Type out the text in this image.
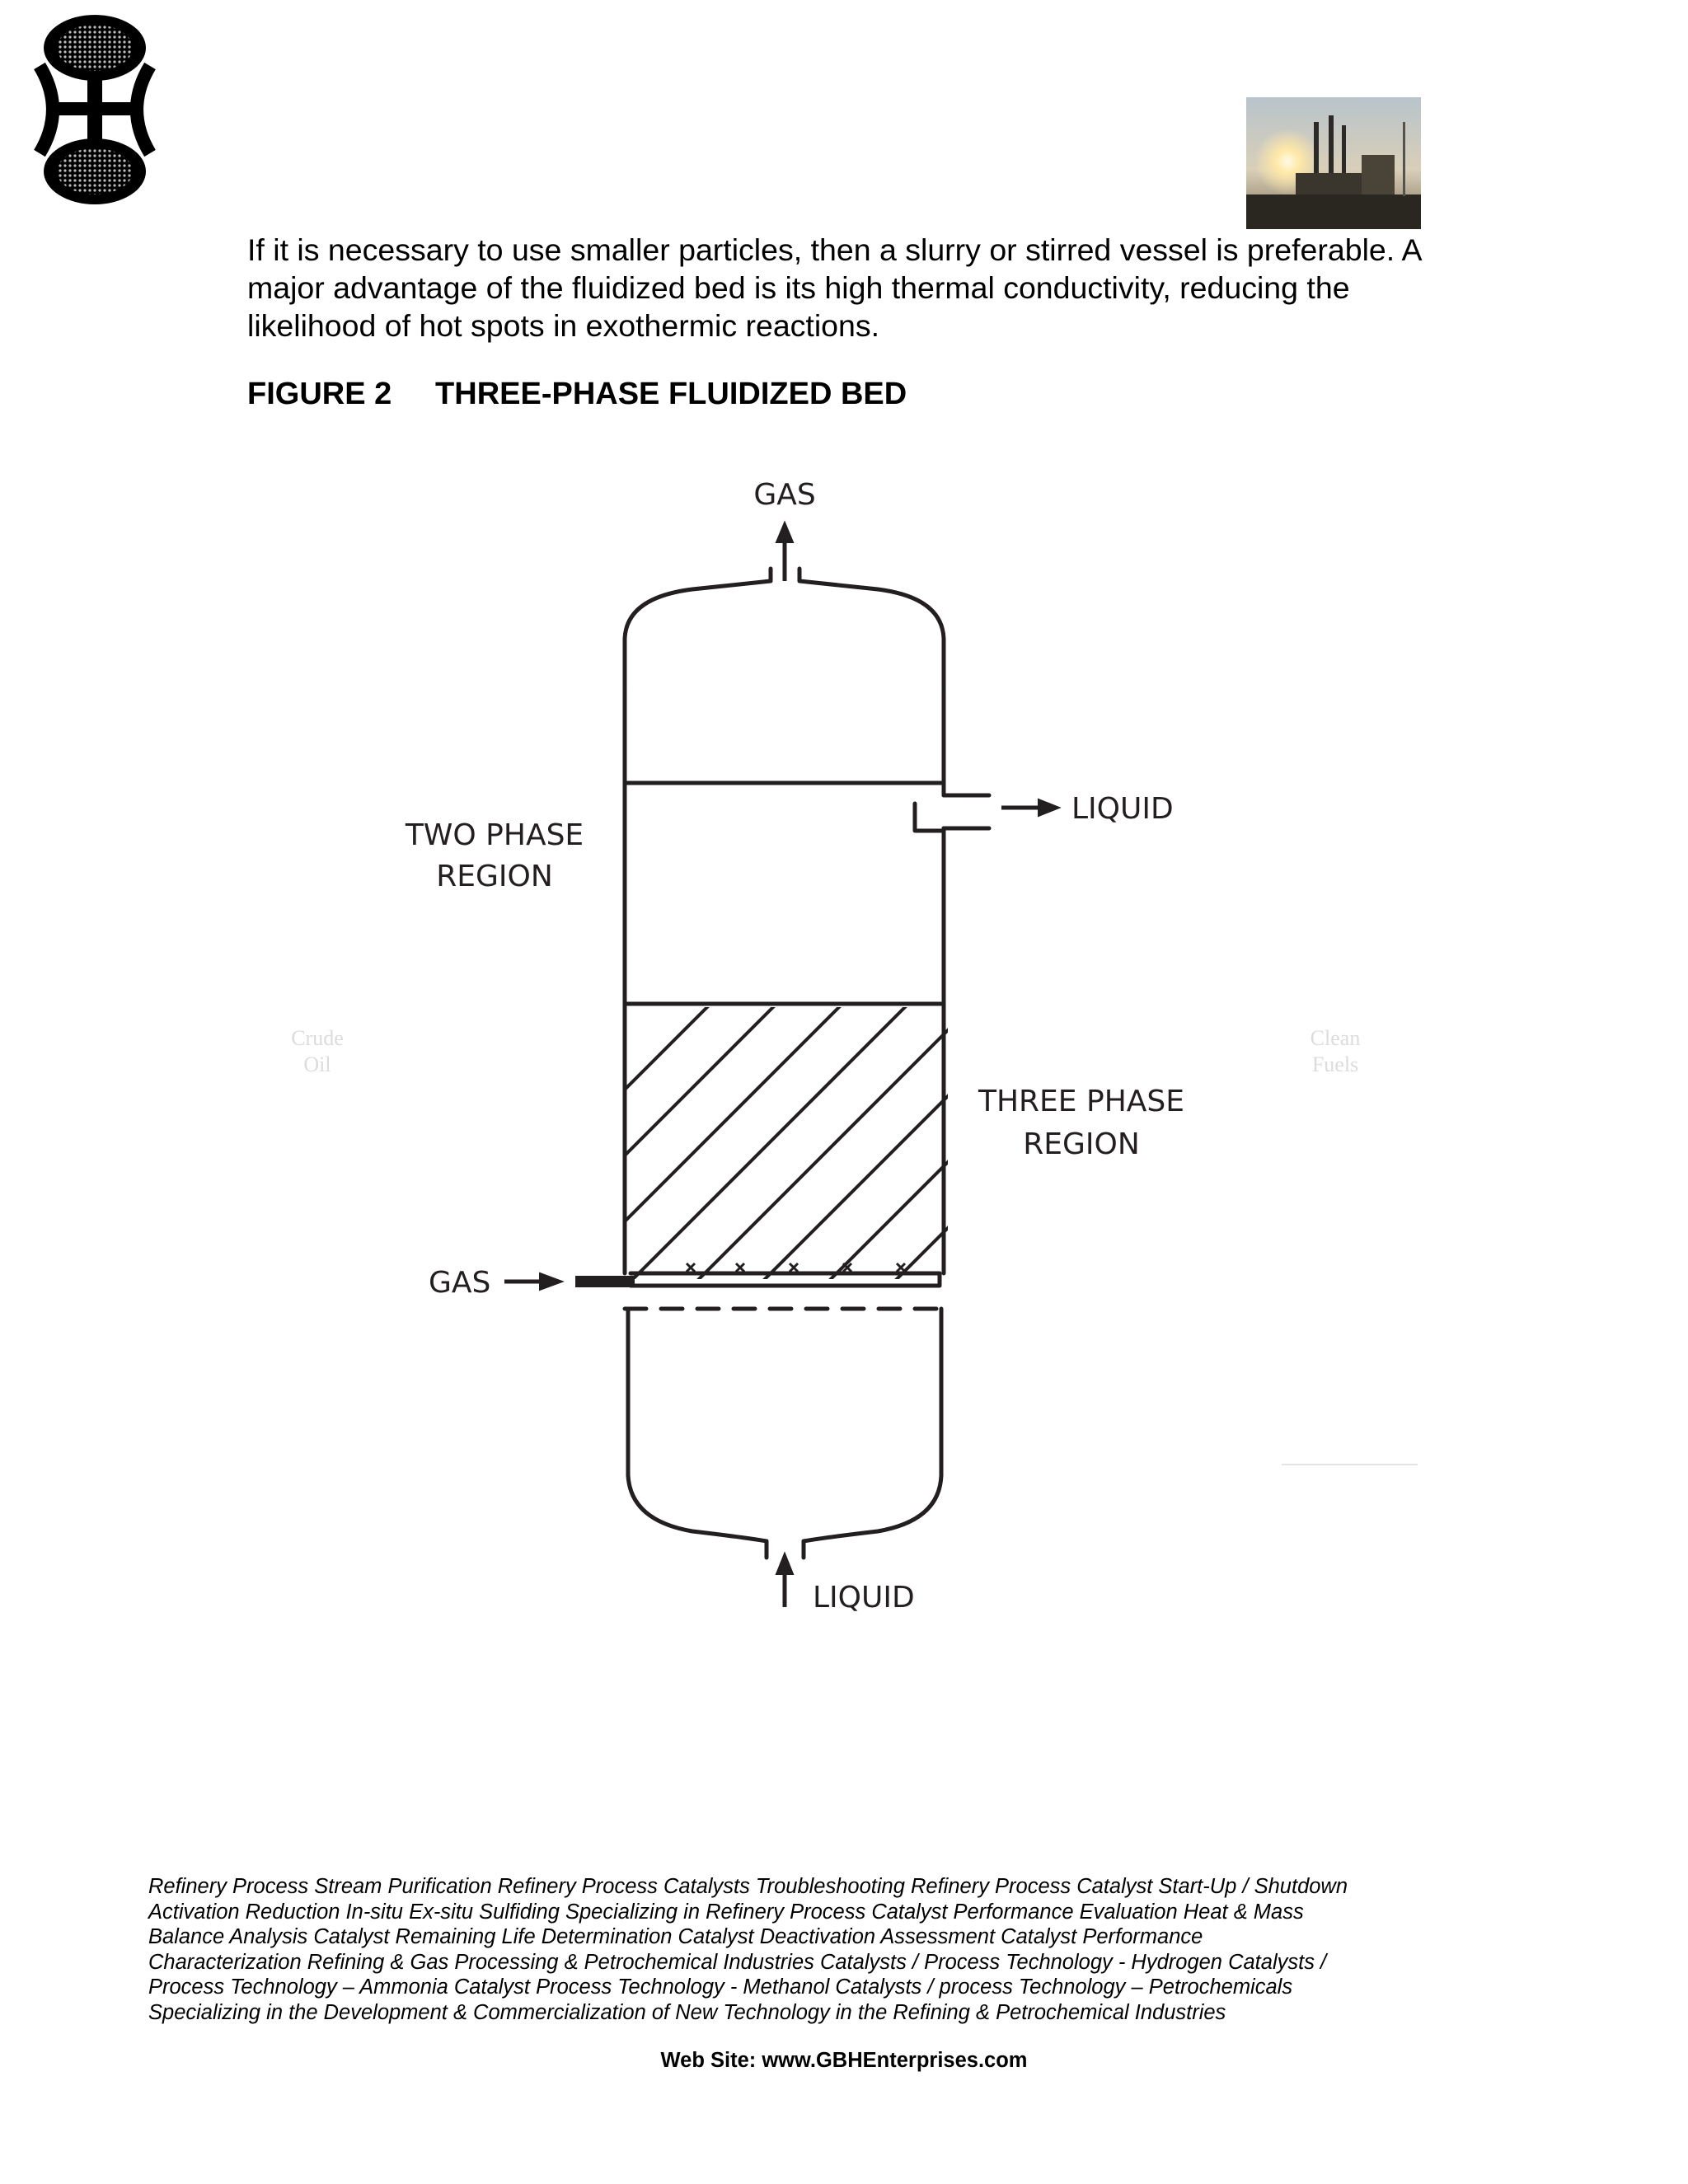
If it is necessary to use smaller particles, then a slurry or stirred vessel is preferable. A major advantage of the fluidized bed is its high thermal conductivity, reducing the likelihood of hot spots in exothermic reactions.

FIGURE 2     THREE-PHASE FLUIDIZED BED

Crude
Oil
Clean
Fuels
GAS
LIQUID
TWO PHASE
REGION
THREE PHASE
REGION
GAS
LIQUID
Refinery Process Stream Purification Refinery Process Catalysts Troubleshooting Refinery Process Catalyst Start-Up / Shutdown
Activation Reduction In-situ Ex-situ Sulfiding Specializing in Refinery Process Catalyst Performance Evaluation Heat & Mass
Balance Analysis Catalyst Remaining Life Determination Catalyst Deactivation Assessment Catalyst Performance
Characterization Refining & Gas Processing & Petrochemical Industries Catalysts / Process Technology - Hydrogen Catalysts /
Process Technology – Ammonia Catalyst Process Technology - Methanol Catalysts / process Technology – Petrochemicals
Specializing in the Development & Commercialization of New Technology in the Refining & Petrochemical Industries

Web Site: www.GBHEnterprises.com
